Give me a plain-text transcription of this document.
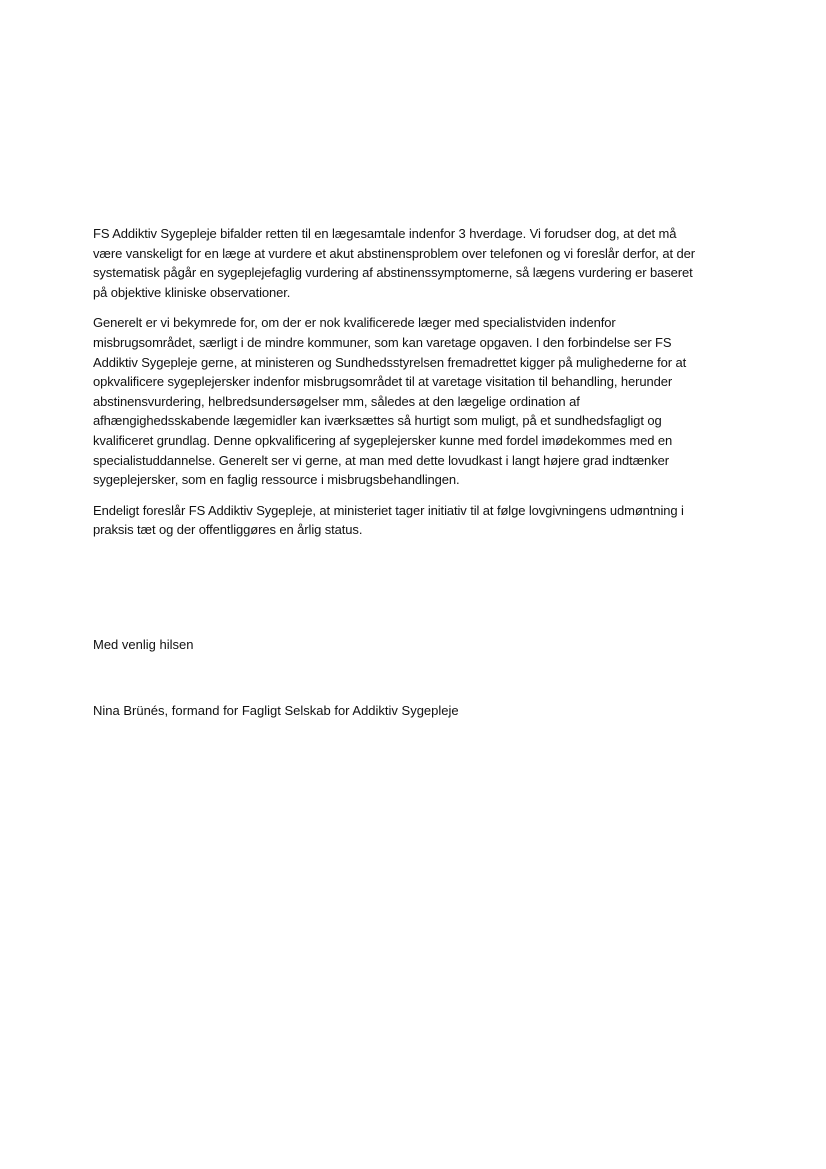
FS Addiktiv Sygepleje bifalder retten til en lægesamtale indenfor 3 hverdage. Vi forudser dog, at det må
være vanskeligt for en læge at vurdere et akut abstinensproblem over telefonen og vi foreslår derfor, at der
systematisk pågår en sygeplejefaglig vurdering af abstinenssymptomerne, så lægens vurdering er baseret
på objektive kliniske observationer.

Generelt er vi bekymrede for, om der er nok kvalificerede læger med specialistviden indenfor
misbrugsområdet, særligt i de mindre kommuner, som kan varetage opgaven. I den forbindelse ser FS
Addiktiv Sygepleje gerne, at ministeren og Sundhedsstyrelsen fremadrettet kigger på mulighederne for at
opkvalificere sygeplejersker indenfor misbrugsområdet til at varetage visitation til behandling, herunder
abstinensvurdering, helbredsundersøgelser mm, således at den lægelige ordination af
afhængighedsskabende lægemidler kan iværksættes så hurtigt som muligt, på et sundhedsfagligt og
kvalificeret grundlag. Denne opkvalificering af sygeplejersker kunne med fordel imødekommes med en
specialistuddannelse. Generelt ser vi gerne, at man med dette lovudkast i langt højere grad indtænker
sygeplejersker, som en faglig ressource i misbrugsbehandlingen.

Endeligt foreslår FS Addiktiv Sygepleje, at ministeriet tager initiativ til at følge lovgivningens udmøntning i
praksis tæt og der offentliggøres en årlig status.

Med venlig hilsen

Nina Brünés, formand for Fagligt Selskab for Addiktiv Sygepleje
